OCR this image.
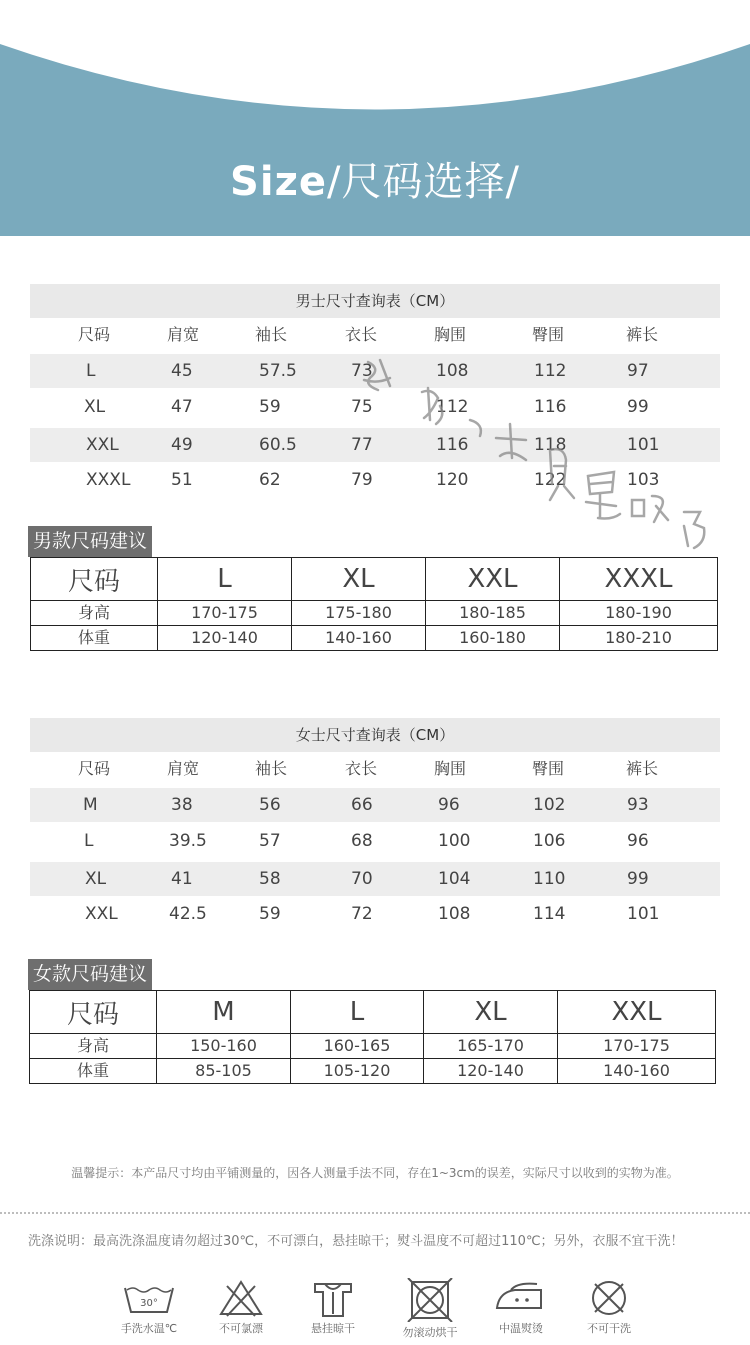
Size/尺码选择/
男士尺寸查询表（CM）
尺码	肩宽	袖长	衣长	胸围	臀围	裤长
L	45	57.5	73	108	112	97
XL	47	59	75	112	116	99
XXL	49	60.5	77	116	118	101
XXXL 51	62	79	120	122	103
男款尺码建议
尺码	L	XL	XXL	XXXL
身高	170-175	175-180	180-185	180-190
体重	120-140	140-160	160-180	180-210
女士尺寸查询表（CM）
尺码	肩宽	袖长	衣长	胸围	臀围	裤长
M	38	56	66	96	102	93
L	39.5	57	68	100	106	96
XL	41	58	70	104	110	99
XXL	42.5	59	72	108	114	101
女款尺码建议
尺码	M	L	XL	XXL
身高	150-160	160-165	165-170	170-175
体重	85-105	105-120	120-140	140-160
温馨提示：本产品尺寸均由平铺测量的，因各人测量手法不同，存在1~3cm的误差，实际尺寸以收到的实物为准。
洗涤说明：最高洗涤温度请勿超过30℃，不可漂白，悬挂晾干；熨斗温度不可超过110℃；另外，衣服不宜干洗！
30°
手洗水温℃	不可氯漂	悬挂晾干	勿滚动烘干	中温熨烫	不可干洗
